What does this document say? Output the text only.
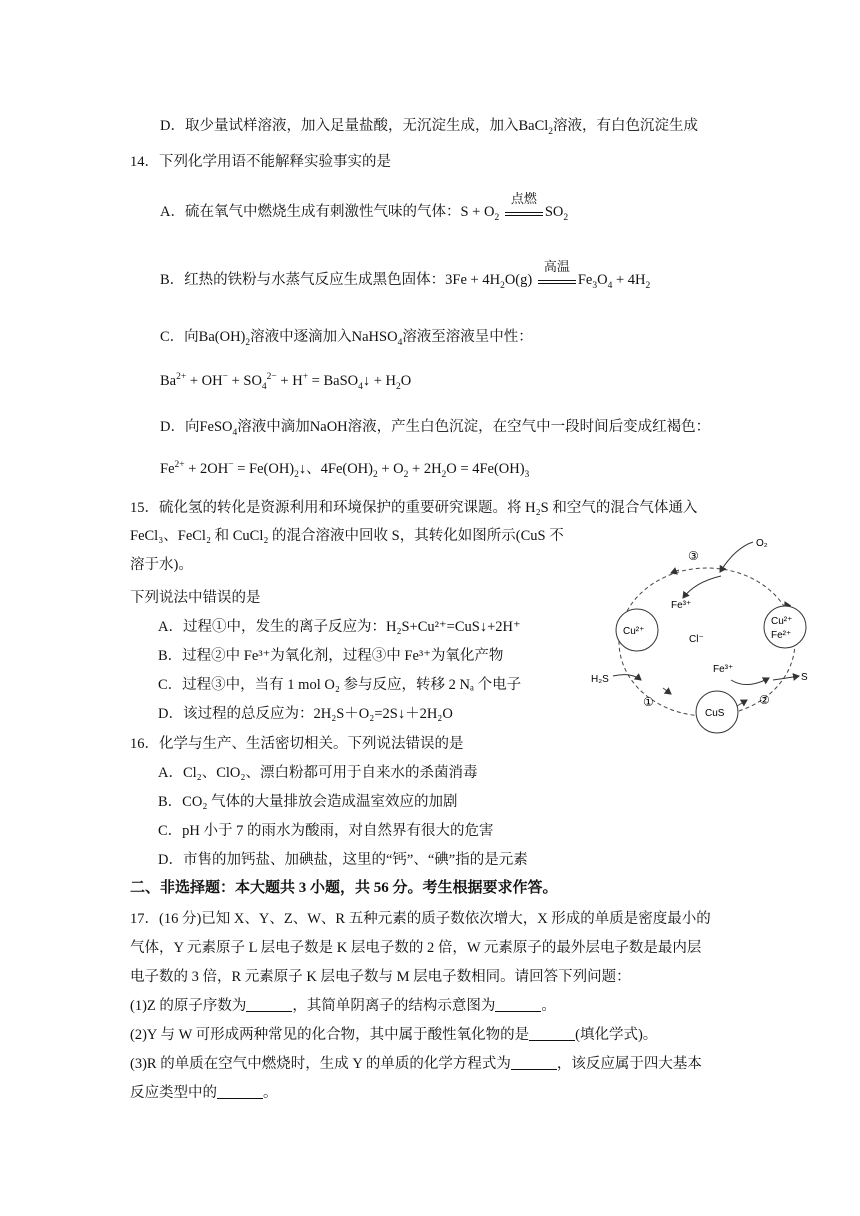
D．取少量试样溶液，加入足量盐酸，无沉淀生成，加入BaCl$_2$溶液，有白色沉淀生成
14．下列化学用语不能解释实验事实的是
A．硫在氧气中燃烧生成有刺激性气味的气体：$S + O_2$
点燃
$SO_2$
B．红热的铁粉与水蒸气反应生成黑色固体：$3Fe + 4H_2O(g)$
高温
$Fe_3O_4 + 4H_2$
C．向$Ba(OH)_2$溶液中逐滴加入NaHSO$_4$溶液至溶液呈中性：
$Ba^{2+} + OH^- + SO_4^{2-} + H^+$ = BaSO$_4$↓ + $H_2O$
D．向FeSO$_4$溶液中滴加NaOH溶液，产生白色沉淀，在空气中一段时间后变成红褐色：
$Fe^{2+} + 2OH^-$ = $Fe(OH)_2↓$、$4Fe(OH)_2 + O_2 + 2H_2O = 4Fe(OH)_3$
15．硫化氢的转化是资源利用和环境保护的重要研究课题。将 H₂S 和空气的混合气体通入
FeCl₃、FeCl₂ 和 CuCl₂ 的混合溶液中回收 S，其转化如图所示(CuS 不
溶于水)。
下列说法中错误的是
A．过程①中，发生的离子反应为：H₂S+Cu²⁺=CuS↓+2H⁺
B．过程②中 Fe³⁺为氧化剂，过程③中 Fe³⁺为氧化产物
C．过程③中，当有 1 mol O₂ 参与反应，转移 2 Nₐ 个电子
D．该过程的总反应为：2H₂S＋O₂=2S↓＋2H₂O
O₂
③
Fe³⁺
Cu²⁺
Cl⁻
Cu²⁺
Fe²⁺
Fe³⁺
S
H₂S
①
CuS
②
16．化学与生产、生活密切相关。下列说法错误的是
A．Cl₂、ClO₂、漂白粉都可用于自来水的杀菌消毒
B．CO₂ 气体的大量排放会造成温室效应的加剧
C．pH 小于 7 的雨水为酸雨，对自然界有很大的危害
D．市售的加钙盐、加碘盐，这里的“钙”、“碘”指的是元素
二、非选择题：本大题共 3 小题，共 56 分。考生根据要求作答。
17．(16 分)已知 X、Y、Z、W、R 五种元素的质子数依次增大，X 形成的单质是密度最小的
气体，Y 元素原子 L 层电子数是 K 层电子数的 2 倍，W 元素原子的最外层电子数是最内层
电子数的 3 倍，R 元素原子 K 层电子数与 M 层电子数相同。请回答下列问题：
(1)Z 的原子序数为	，其简单阴离子的结构示意图为	。
(2)Y 与 W 可形成两种常见的化合物，其中属于酸性氧化物的是	(填化学式)。
(3)R 的单质在空气中燃烧时，生成 Y 的单质的化学方程式为	，该反应属于四大基本
反应类型中的	。
